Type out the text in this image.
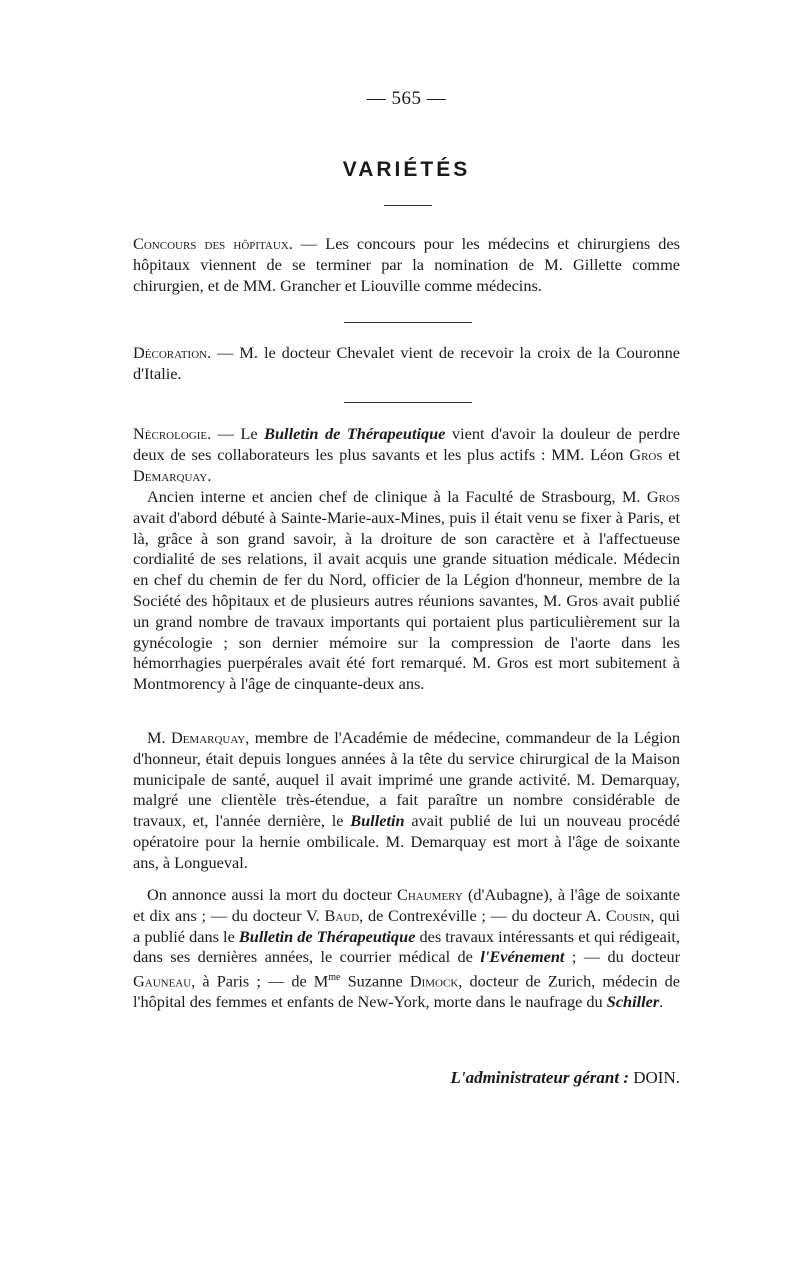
— 565 —
VARIÉTÉS

Concours des hôpitaux. — Les concours pour les médecins et chirurgiens des hôpitaux viennent de se terminer par la nomination de M. Gillette comme chirurgien, et de MM. Grancher et Liouville comme médecins.

Décoration. — M. le docteur Chevalet vient de recevoir la croix de la Couronne d'Italie.

Nécrologie. — Le Bulletin de Thérapeutique vient d'avoir la douleur de perdre deux de ses collaborateurs les plus savants et les plus actifs : MM. Léon Gros et Demarquay.

Ancien interne et ancien chef de clinique à la Faculté de Strasbourg, M. Gros avait d'abord débuté à Sainte-Marie-aux-Mines, puis il était venu se fixer à Paris, et là, grâce à son grand savoir, à la droiture de son caractère et à l'affectueuse cordialité de ses relations, il avait acquis une grande situation médicale. Médecin en chef du chemin de fer du Nord, officier de la Légion d'honneur, membre de la Société des hôpitaux et de plusieurs autres réunions savantes, M. Gros avait publié un grand nombre de travaux importants qui portaient plus particulièrement sur la gynécologie ; son dernier mémoire sur la compression de l'aorte dans les hémorrhagies puerpérales avait été fort remarqué. M. Gros est mort subitement à Montmorency à l'âge de cinquante-deux ans.

M. Demarquay, membre de l'Académie de médecine, commandeur de la Légion d'honneur, était depuis longues années à la tête du service chirurgical de la Maison municipale de santé, auquel il avait imprimé une grande activité. M. Demarquay, malgré une clientèle très-étendue, a fait paraître un nombre considérable de travaux, et, l'année dernière, le Bulletin avait publié de lui un nouveau procédé opératoire pour la hernie ombilicale. M. Demarquay est mort à l'âge de soixante ans, à Longueval.

On annonce aussi la mort du docteur Chaumery (d'Aubagne), à l'âge de soixante et dix ans ; — du docteur V. Baud, de Contrexéville ; — du docteur A. Cousin, qui a publié dans le Bulletin de Thérapeutique des travaux intéressants et qui rédigeait, dans ses dernières années, le courrier médical de l'Evénement ; — du docteur Gauneau, à Paris ; — de $M^{me}$ Suzanne Dimock, docteur de Zurich, médecin de l'hôpital des femmes et enfants de New-York, morte dans le naufrage du Schiller.

L'administrateur gérant : DOIN.
